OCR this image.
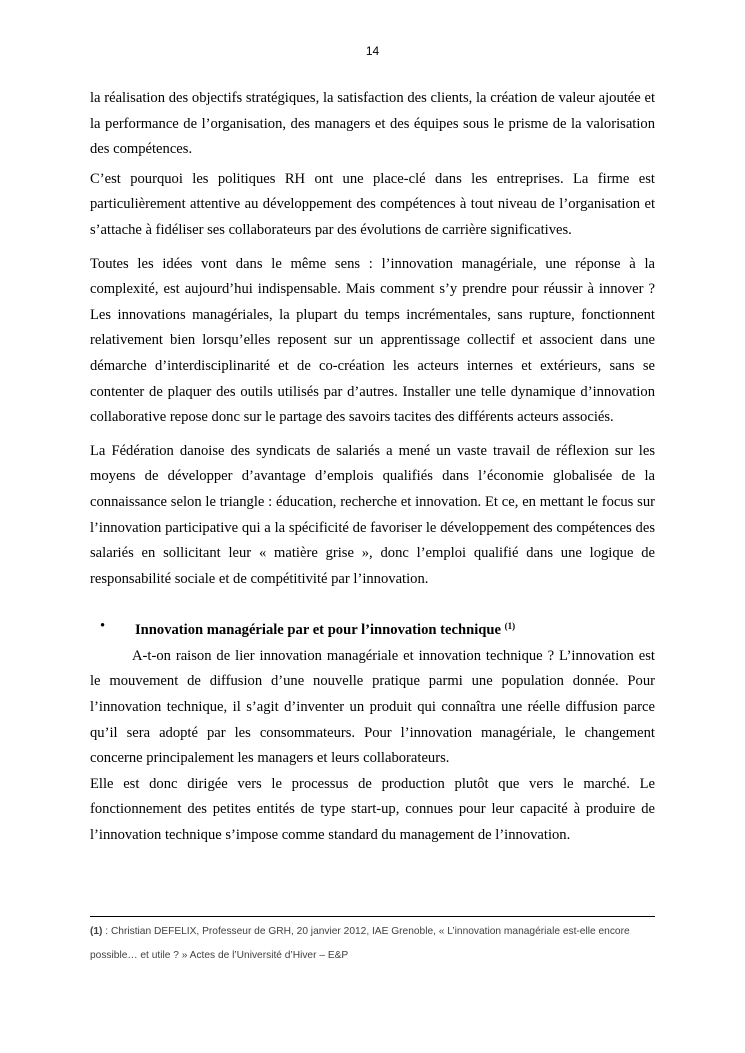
14

la réalisation des objectifs stratégiques, la satisfaction des clients, la création de valeur ajoutée et la performance de l’organisation, des managers et des équipes sous le prisme de la valorisation des compétences.

C’est pourquoi les politiques RH ont une place-clé dans les entreprises. La firme est particulièrement attentive au développement des compétences à tout niveau de l’organisation et s’attache à fidéliser ses collaborateurs par des évolutions de carrière significatives.

Toutes les idées vont dans le même sens : l’innovation managériale, une réponse à la complexité, est aujourd’hui indispensable. Mais comment s’y prendre pour réussir à innover ? Les innovations managériales, la plupart du temps incrémentales, sans rupture, fonctionnent relativement bien lorsqu’elles reposent sur un apprentissage collectif et associent dans une démarche d’interdisciplinarité et de co-création les acteurs internes et extérieurs, sans se contenter de plaquer des outils utilisés par d’autres. Installer une telle dynamique d’innovation collaborative repose donc sur le partage des savoirs tacites des différents acteurs associés.

La Fédération danoise des syndicats de salariés a mené un vaste travail de réflexion sur les moyens de développer d’avantage d’emplois qualifiés dans l’économie globalisée de la connaissance selon le triangle : éducation, recherche et innovation. Et ce, en mettant le focus sur l’innovation participative qui a la spécificité de favoriser le développement des compétences des salariés en sollicitant leur « matière grise », donc l’emploi qualifié dans une logique de responsabilité sociale et de compétitivité par l’innovation.

• Innovation managériale par et pour l’innovation technique $^{(1)}$

A-t-on raison de lier innovation managériale et innovation technique ? L’innovation est le mouvement de diffusion d’une nouvelle pratique parmi une population donnée. Pour l’innovation technique, il s’agit d’inventer un produit qui connaîtra une réelle diffusion parce qu’il sera adopté par les consommateurs. Pour l’innovation managériale, le changement concerne principalement les managers et leurs collaborateurs.

Elle est donc dirigée vers le processus de production plutôt que vers le marché. Le fonctionnement des petites entités de type start-up, connues pour leur capacité à produire de l’innovation technique s’impose comme standard du management de l’innovation.

(1) : Christian DEFELIX, Professeur de GRH, 20 janvier 2012, IAE Grenoble, « L’innovation managériale est-elle encore possible… et utile ? » Actes de l’Université d’Hiver – E&P
